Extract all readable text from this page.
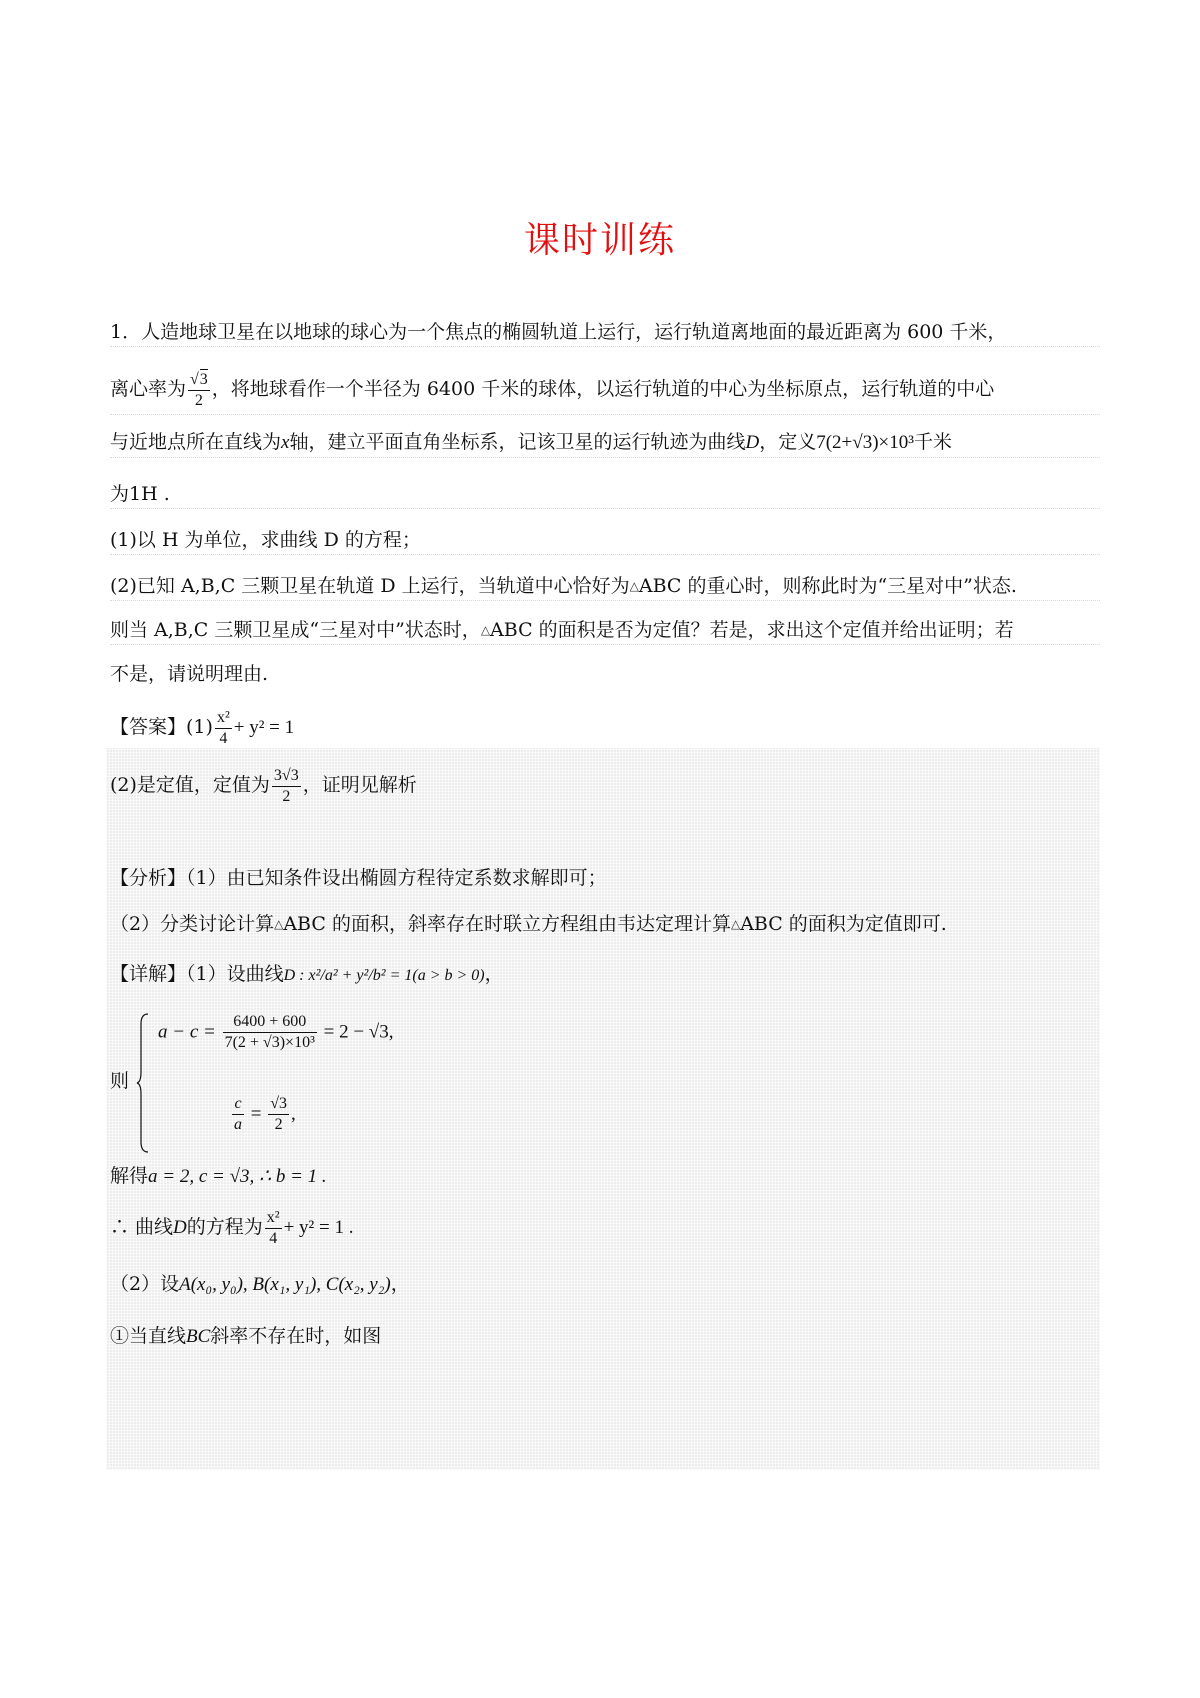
课时训练
1．人造地球卫星在以地球的球心为一个焦点的椭圆轨道上运行，运行轨道离地面的最近距离为 600 千米，
离心率为 $\frac{√3}{2}$ ，将地球看作一个半径为 6400 千米的球体，以运行轨道的中心为坐标原点，运行轨道的中心
与近地点所在直线为x轴，建立平面直角坐标系，记该卫星的运行轨迹为曲线D，定义7(2+√3)×10³千米
为1H .
(1)以 H 为单位，求曲线 D 的方程；
(2)已知 A,B,C 三颗卫星在轨道 D 上运行，当轨道中心恰好为△ABC 的重心时，则称此时为“三星对中”状态.
则当 A,B,C 三颗卫星成“三星对中”状态时，△ABC 的面积是否为定值？若是，求出这个定值并给出证明；若
不是，请说明理由.
【答案】$(1) \frac{\text{x²}}{4} + y^2 = 1$
(2)是定值，定值为 $\frac{3√3}{2}$ ，证明见解析
【分析】（1）由已知条件设出椭圆方程待定系数求解即可；
（2）分类讨论计算△ABC 的面积，斜率存在时联立方程组由韦达定理计算△ABC 的面积为定值即可.
【详解】（1）设曲线D : x²/a² + y²/b² = 1(a > b > 0)，
则
$a - c = \frac{6400 + 600}{\text{7(2 + √3)×10³}} = 2 - √3$,
$\frac{c}{a} = \frac{√3}{2}$ ,
解得a = 2, c = √3, ∴ b = 1 .
∴ 曲线D的方程为 $\frac{\text{x²}}{4} + y^2 = 1$ .
（2）设A(x₀, y₀), B(x₁, y₁), C(x₂, y₂)，
①当直线BC斜率不存在时，如图
